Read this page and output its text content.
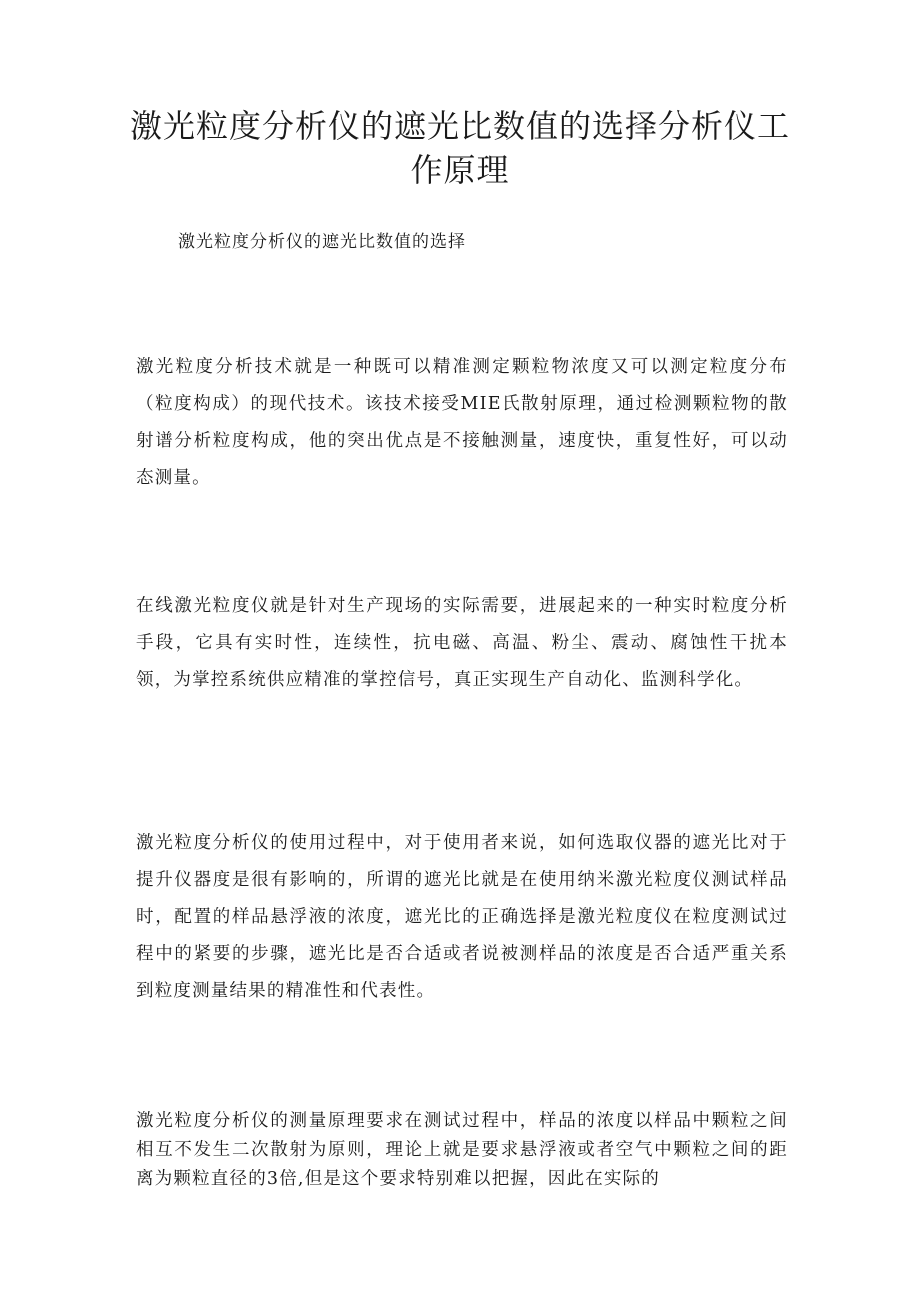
激光粒度分析仪的遮光比数值的选择分析仪工作原理

激光粒度分析仪的遮光比数值的选择

激光粒度分析技术就是一种既可以精准测定颗粒物浓度又可以测定粒度分布（粒度构成）的现代技术。该技术接受MIE氏散射原理，通过检测颗粒物的散射谱分析粒度构成，他的突出优点是不接触测量，速度快，重复性好，可以动态测量。

在线激光粒度仪就是针对生产现场的实际需要，进展起来的一种实时粒度分析手段，它具有实时性，连续性，抗电磁、高温、粉尘、震动、腐蚀性干扰本领，为掌控系统供应精准的掌控信号，真正实现生产自动化、监测科学化。

激光粒度分析仪的使用过程中，对于使用者来说，如何选取仪器的遮光比对于提升仪器度是很有影响的，所谓的遮光比就是在使用纳米激光粒度仪测试样品时，配置的样品悬浮液的浓度，遮光比的正确选择是激光粒度仪在粒度测试过程中的紧要的步骤，遮光比是否合适或者说被测样品的浓度是否合适严重关系到粒度测量结果的精准性和代表性。

激光粒度分析仪的测量原理要求在测试过程中，样品的浓度以样品中颗粒之间相互不发生二次散射为原则，理论上就是要求悬浮液或者空气中颗粒之间的距离为颗粒直径的3倍,但是这个要求特别难以把握，因此在实际的
